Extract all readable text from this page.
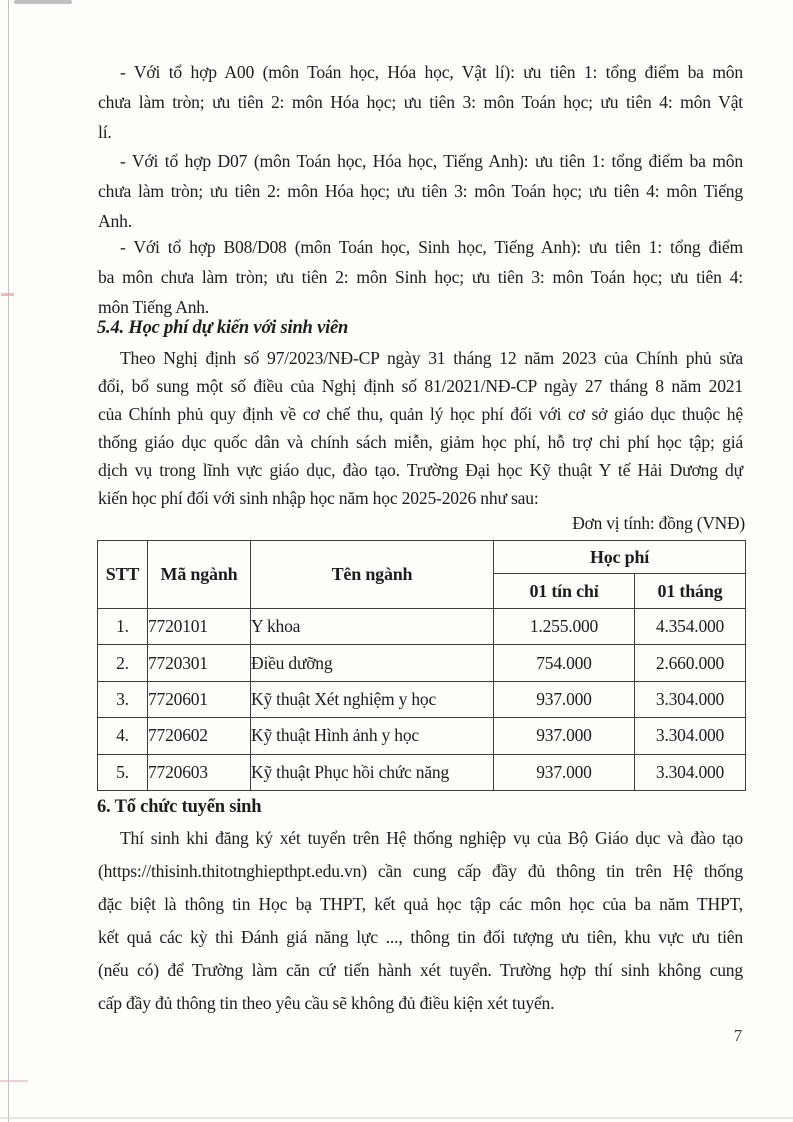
- Với tổ hợp A00 (môn Toán học, Hóa học, Vật lí): ưu tiên 1: tổng điểm ba môn
chưa làm tròn; ưu tiên 2: môn Hóa học; ưu tiên 3: môn Toán học; ưu tiên 4: môn Vật
lí.
- Với tổ hợp D07 (môn Toán học, Hóa học, Tiếng Anh): ưu tiên 1: tổng điểm ba môn
chưa làm tròn; ưu tiên 2: môn Hóa học; ưu tiên 3: môn Toán học; ưu tiên 4: môn Tiếng
Anh.
- Với tổ hợp B08/D08 (môn Toán học, Sinh học, Tiếng Anh): ưu tiên 1: tổng điểm
ba môn chưa làm tròn; ưu tiên 2: môn Sinh học; ưu tiên 3: môn Toán học; ưu tiên 4:
môn Tiếng Anh.
5.4. Học phí dự kiến với sinh viên
Theo Nghị định số 97/2023/NĐ-CP ngày 31 tháng 12 năm 2023 của Chính phủ sửa
đổi, bổ sung một số điều của Nghị định số 81/2021/NĐ-CP ngày 27 tháng 8 năm 2021
của Chính phủ quy định về cơ chế thu, quản lý học phí đối với cơ sở giáo dục thuộc hệ
thống giáo dục quốc dân và chính sách miễn, giảm học phí, hỗ trợ chi phí học tập; giá
dịch vụ trong lĩnh vực giáo dục, đào tạo. Trường Đại học Kỹ thuật Y tế Hải Dương dự
kiến học phí đối với sinh nhập học năm học 2025-2026 như sau:
Đơn vị tính: đồng (VNĐ)
STT	Mã ngành	Tên ngành	Học phí	
			01 tín chỉ	01 tháng
1.	7720101	Y khoa	1.255.000	4.354.000
2.	7720301	Điều dưỡng	754.000	2.660.000
3.	7720601	Kỹ thuật Xét nghiệm y học	937.000	3.304.000
4.	7720602	Kỹ thuật Hình ảnh y học	937.000	3.304.000
5.	7720603	Kỹ thuật Phục hồi chức năng	937.000	3.304.000
6. Tổ chức tuyển sinh
Thí sinh khi đăng ký xét tuyển trên Hệ thống nghiệp vụ của Bộ Giáo dục và đào tạo
(https://thisinh.thitotnghiepthpt.edu.vn) cần cung cấp đầy đủ thông tin trên Hệ thống
đặc biệt là thông tin Học bạ THPT, kết quả học tập các môn học của ba năm THPT,
kết quả các kỳ thi Đánh giá năng lực ..., thông tin đối tượng ưu tiên, khu vực ưu tiên
(nếu có) để Trường làm căn cứ tiến hành xét tuyển. Trường hợp thí sinh không cung
cấp đầy đủ thông tin theo yêu cầu sẽ không đủ điều kiện xét tuyển.
7
